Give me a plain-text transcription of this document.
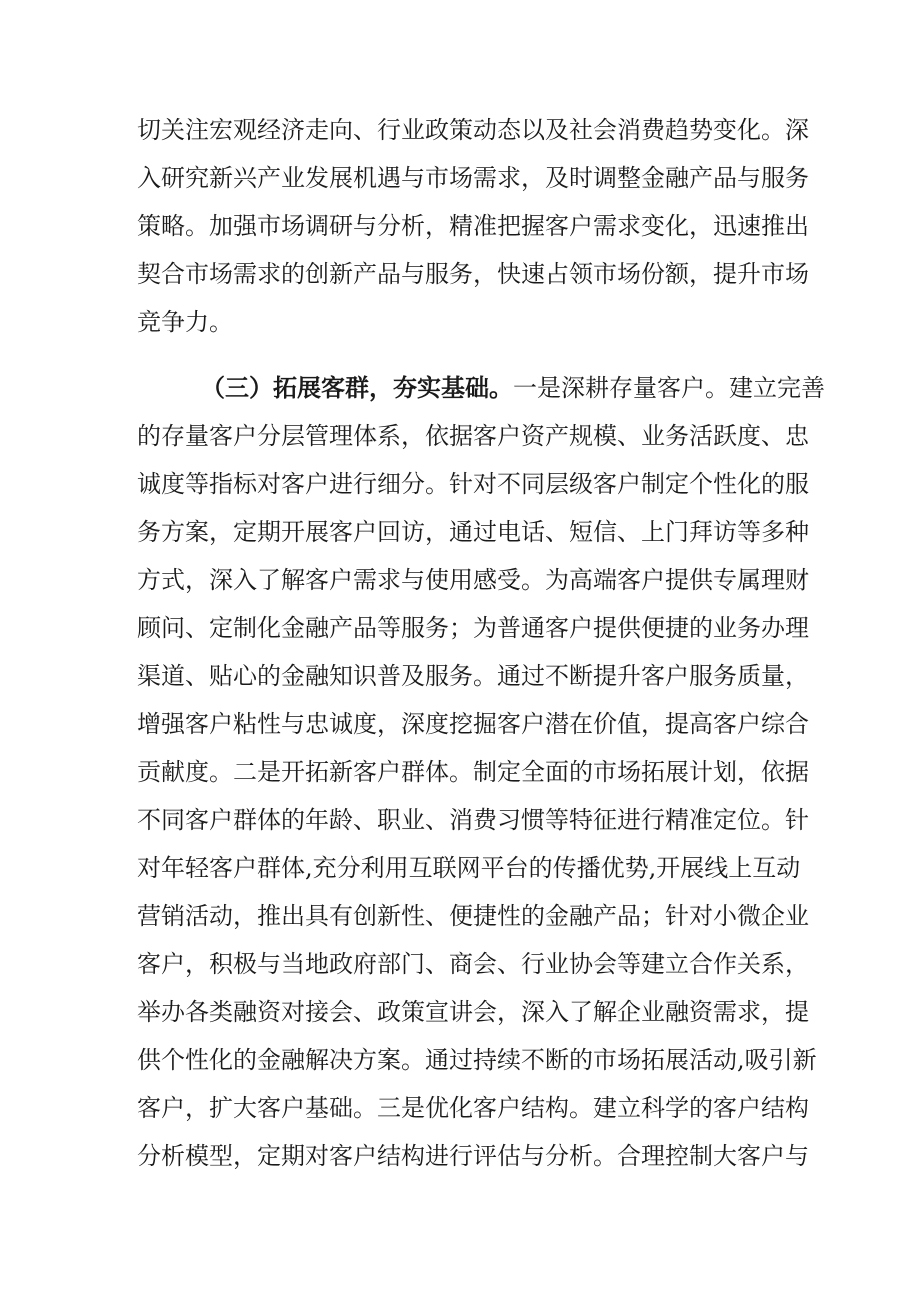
切关注宏观经济走向、行业政策动态以及社会消费趋势变化。深
入研究新兴产业发展机遇与市场需求，及时调整金融产品与服务
策略。加强市场调研与分析，精准把握客户需求变化，迅速推出
契合市场需求的创新产品与服务，快速占领市场份额，提升市场
竞争力。
（三）拓展客群，夯实基础。一是深耕存量客户。建立完善
的存量客户分层管理体系，依据客户资产规模、业务活跃度、忠
诚度等指标对客户进行细分。针对不同层级客户制定个性化的服
务方案，定期开展客户回访，通过电话、短信、上门拜访等多种
方式，深入了解客户需求与使用感受。为高端客户提供专属理财
顾问、定制化金融产品等服务；为普通客户提供便捷的业务办理
渠道、贴心的金融知识普及服务。通过不断提升客户服务质量，
增强客户粘性与忠诚度，深度挖掘客户潜在价值，提高客户综合
贡献度。二是开拓新客户群体。制定全面的市场拓展计划，依据
不同客户群体的年龄、职业、消费习惯等特征进行精准定位。针
对年轻客户群体,充分利用互联网平台的传播优势,开展线上互动
营销活动，推出具有创新性、便捷性的金融产品；针对小微企业
客户，积极与当地政府部门、商会、行业协会等建立合作关系，
举办各类融资对接会、政策宣讲会，深入了解企业融资需求，提
供个性化的金融解决方案。通过持续不断的市场拓展活动,吸引新
客户，扩大客户基础。三是优化客户结构。建立科学的客户结构
分析模型，定期对客户结构进行评估与分析。合理控制大客户与
